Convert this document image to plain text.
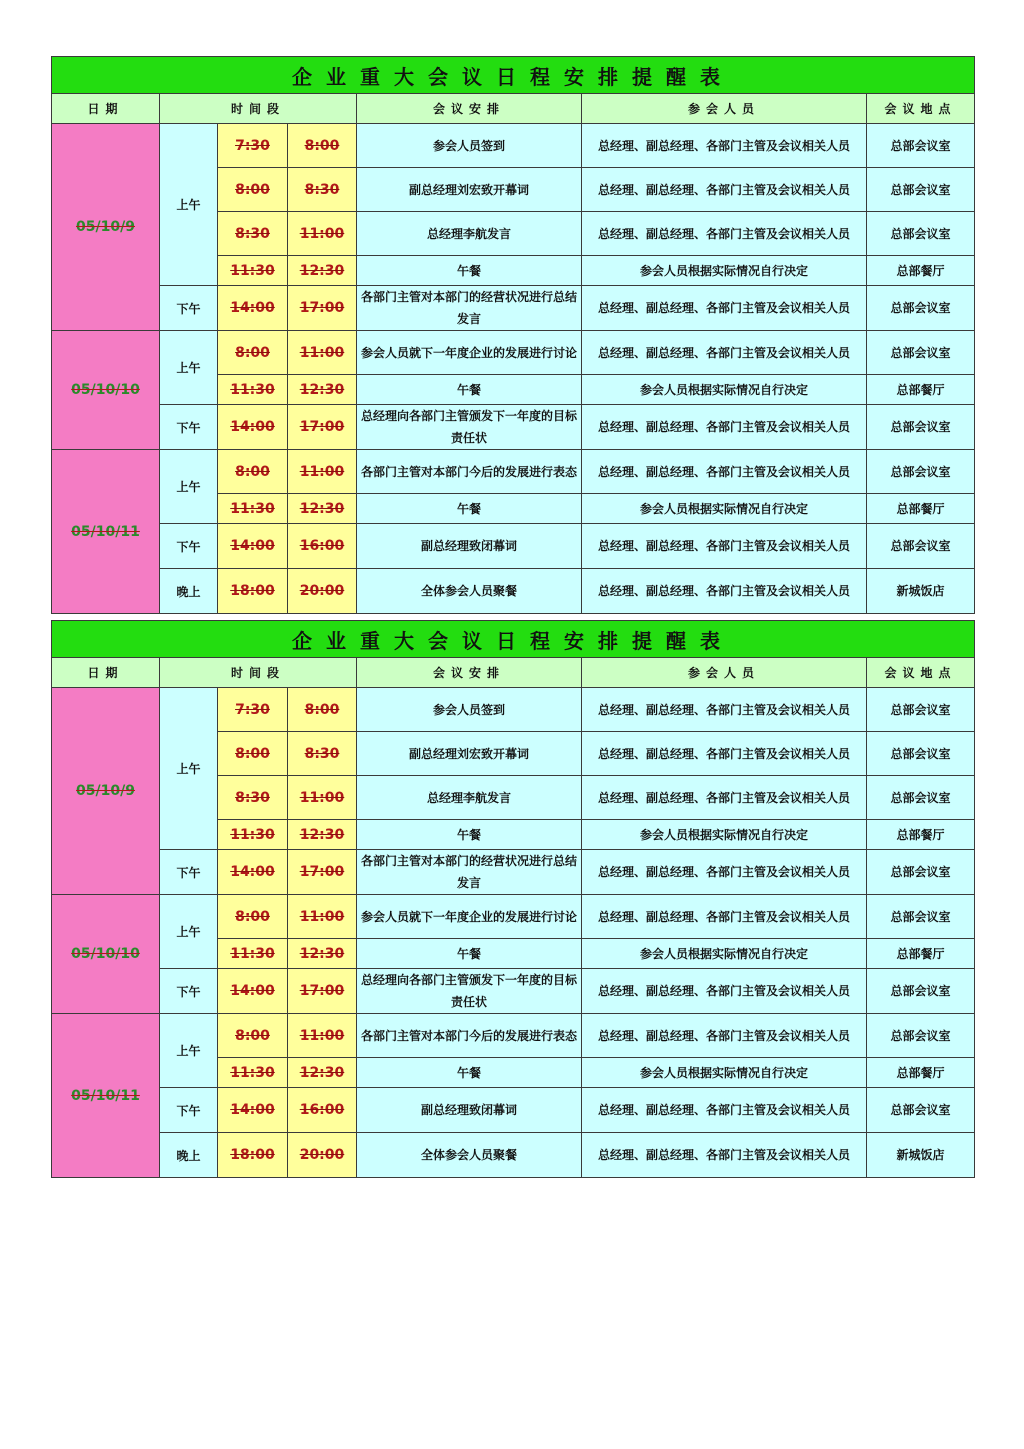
企业重大会议日程安排提醒表						
日期	时间段			会议安排	参会人员	会议地点
05/10/9	上午	7:30	8:00	参会人员签到	总经理、副总经理、各部门主管及会议相关人员	总部会议室
		8:00	8:30	副总经理刘宏致开幕词	总经理、副总经理、各部门主管及会议相关人员	总部会议室
		8:30	11:00	总经理李航发言	总经理、副总经理、各部门主管及会议相关人员	总部会议室
		11:30	12:30	午餐	参会人员根据实际情况自行决定	总部餐厅
	下午	14:00	17:00	各部门主管对本部门的经营状况进行总结发言	总经理、副总经理、各部门主管及会议相关人员	总部会议室
05/10/10	上午	8:00	11:00	参会人员就下一年度企业的发展进行讨论	总经理、副总经理、各部门主管及会议相关人员	总部会议室
		11:30	12:30	午餐	参会人员根据实际情况自行决定	总部餐厅
	下午	14:00	17:00	总经理向各部门主管颁发下一年度的目标责任状	总经理、副总经理、各部门主管及会议相关人员	总部会议室
05/10/11	上午	8:00	11:00	各部门主管对本部门今后的发展进行表态	总经理、副总经理、各部门主管及会议相关人员	总部会议室
		11:30	12:30	午餐	参会人员根据实际情况自行决定	总部餐厅
	下午	14:00	16:00	副总经理致闭幕词	总经理、副总经理、各部门主管及会议相关人员	总部会议室
	晚上	18:00	20:00	全体参会人员聚餐	总经理、副总经理、各部门主管及会议相关人员	新城饭店
企业重大会议日程安排提醒表						
日期	时间段			会议安排	参会人员	会议地点
05/10/9	上午	7:30	8:00	参会人员签到	总经理、副总经理、各部门主管及会议相关人员	总部会议室
		8:00	8:30	副总经理刘宏致开幕词	总经理、副总经理、各部门主管及会议相关人员	总部会议室
		8:30	11:00	总经理李航发言	总经理、副总经理、各部门主管及会议相关人员	总部会议室
		11:30	12:30	午餐	参会人员根据实际情况自行决定	总部餐厅
	下午	14:00	17:00	各部门主管对本部门的经营状况进行总结发言	总经理、副总经理、各部门主管及会议相关人员	总部会议室
05/10/10	上午	8:00	11:00	参会人员就下一年度企业的发展进行讨论	总经理、副总经理、各部门主管及会议相关人员	总部会议室
		11:30	12:30	午餐	参会人员根据实际情况自行决定	总部餐厅
	下午	14:00	17:00	总经理向各部门主管颁发下一年度的目标责任状	总经理、副总经理、各部门主管及会议相关人员	总部会议室
05/10/11	上午	8:00	11:00	各部门主管对本部门今后的发展进行表态	总经理、副总经理、各部门主管及会议相关人员	总部会议室
		11:30	12:30	午餐	参会人员根据实际情况自行决定	总部餐厅
	下午	14:00	16:00	副总经理致闭幕词	总经理、副总经理、各部门主管及会议相关人员	总部会议室
	晚上	18:00	20:00	全体参会人员聚餐	总经理、副总经理、各部门主管及会议相关人员	新城饭店
